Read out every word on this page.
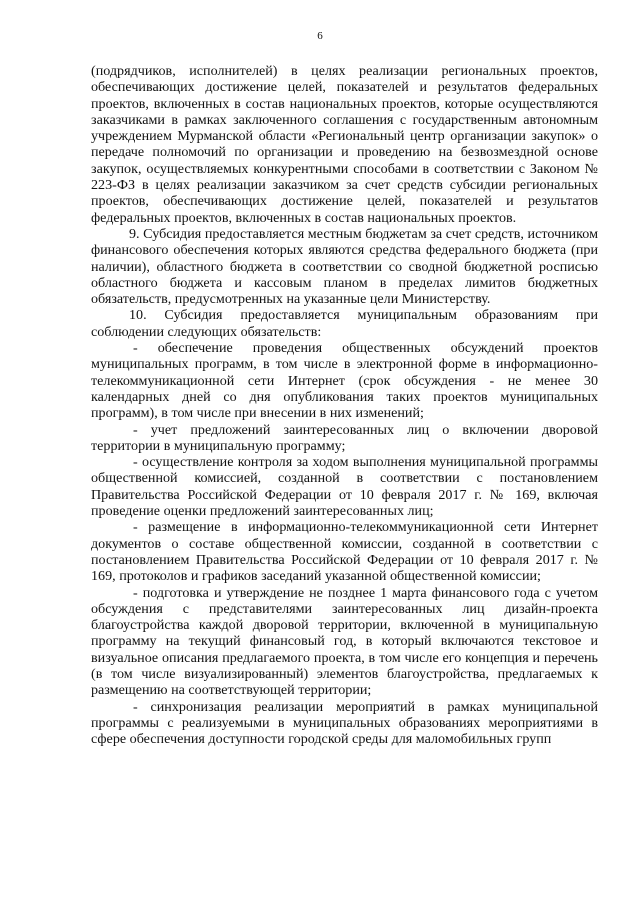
6

(подрядчиков, исполнителей) в целях реализации региональных проектов, обеспечивающих достижение целей, показателей и результатов федеральных проектов, включенных в состав национальных проектов, которые осуществляются заказчиками в рамках заключенного соглашения с государственным автономным учреждением Мурманской области «Региональный центр организации закупок» о передаче полномочий по организации и проведению на безвозмездной основе закупок, осуществляемых конкурентными способами в соответствии с Законом № 223-ФЗ в целях реализации заказчиком за счет средств субсидии региональных проектов, обеспечивающих достижение целей, показателей и результатов федеральных проектов, включенных в состав национальных проектов.

9. Субсидия предоставляется местным бюджетам за счет средств, источником финансового обеспечения которых являются средства федерального бюджета (при наличии), областного бюджета в соответствии со сводной бюджетной росписью областного бюджета и кассовым планом в пределах лимитов бюджетных обязательств, предусмотренных на указанные цели Министерству.

10. Субсидия предоставляется муниципальным образованиям при соблюдении следующих обязательств:

- обеспечение проведения общественных обсуждений проектов муниципальных программ, в том числе в электронной форме в информационно-телекоммуникационной сети Интернет (срок обсуждения - не менее 30 календарных дней со дня опубликования таких проектов муниципальных программ), в том числе при внесении в них изменений;

- учет предложений заинтересованных лиц о включении дворовой территории в муниципальную программу;

- осуществление контроля за ходом выполнения муниципальной программы общественной комиссией, созданной в соответствии с постановлением Правительства Российской Федерации от 10 февраля 2017 г. № 169, включая проведение оценки предложений заинтересованных лиц;

- размещение в информационно-телекоммуникационной сети Интернет документов о составе общественной комиссии, созданной в соответствии с постановлением Правительства Российской Федерации от 10 февраля 2017 г. № 169, протоколов и графиков заседаний указанной общественной комиссии;

- подготовка и утверждение не позднее 1 марта финансового года с учетом обсуждения с представителями заинтересованных лиц дизайн-проекта благоустройства каждой дворовой территории, включенной в муниципальную программу на текущий финансовый год, в который включаются текстовое и визуальное описания предлагаемого проекта, в том числе его концепция и перечень (в том числе визуализированный) элементов благоустройства, предлагаемых к размещению на соответствующей территории;

- синхронизация реализации мероприятий в рамках муниципальной программы с реализуемыми в муниципальных образованиях мероприятиями в сфере обеспечения доступности городской среды для маломобильных групп
